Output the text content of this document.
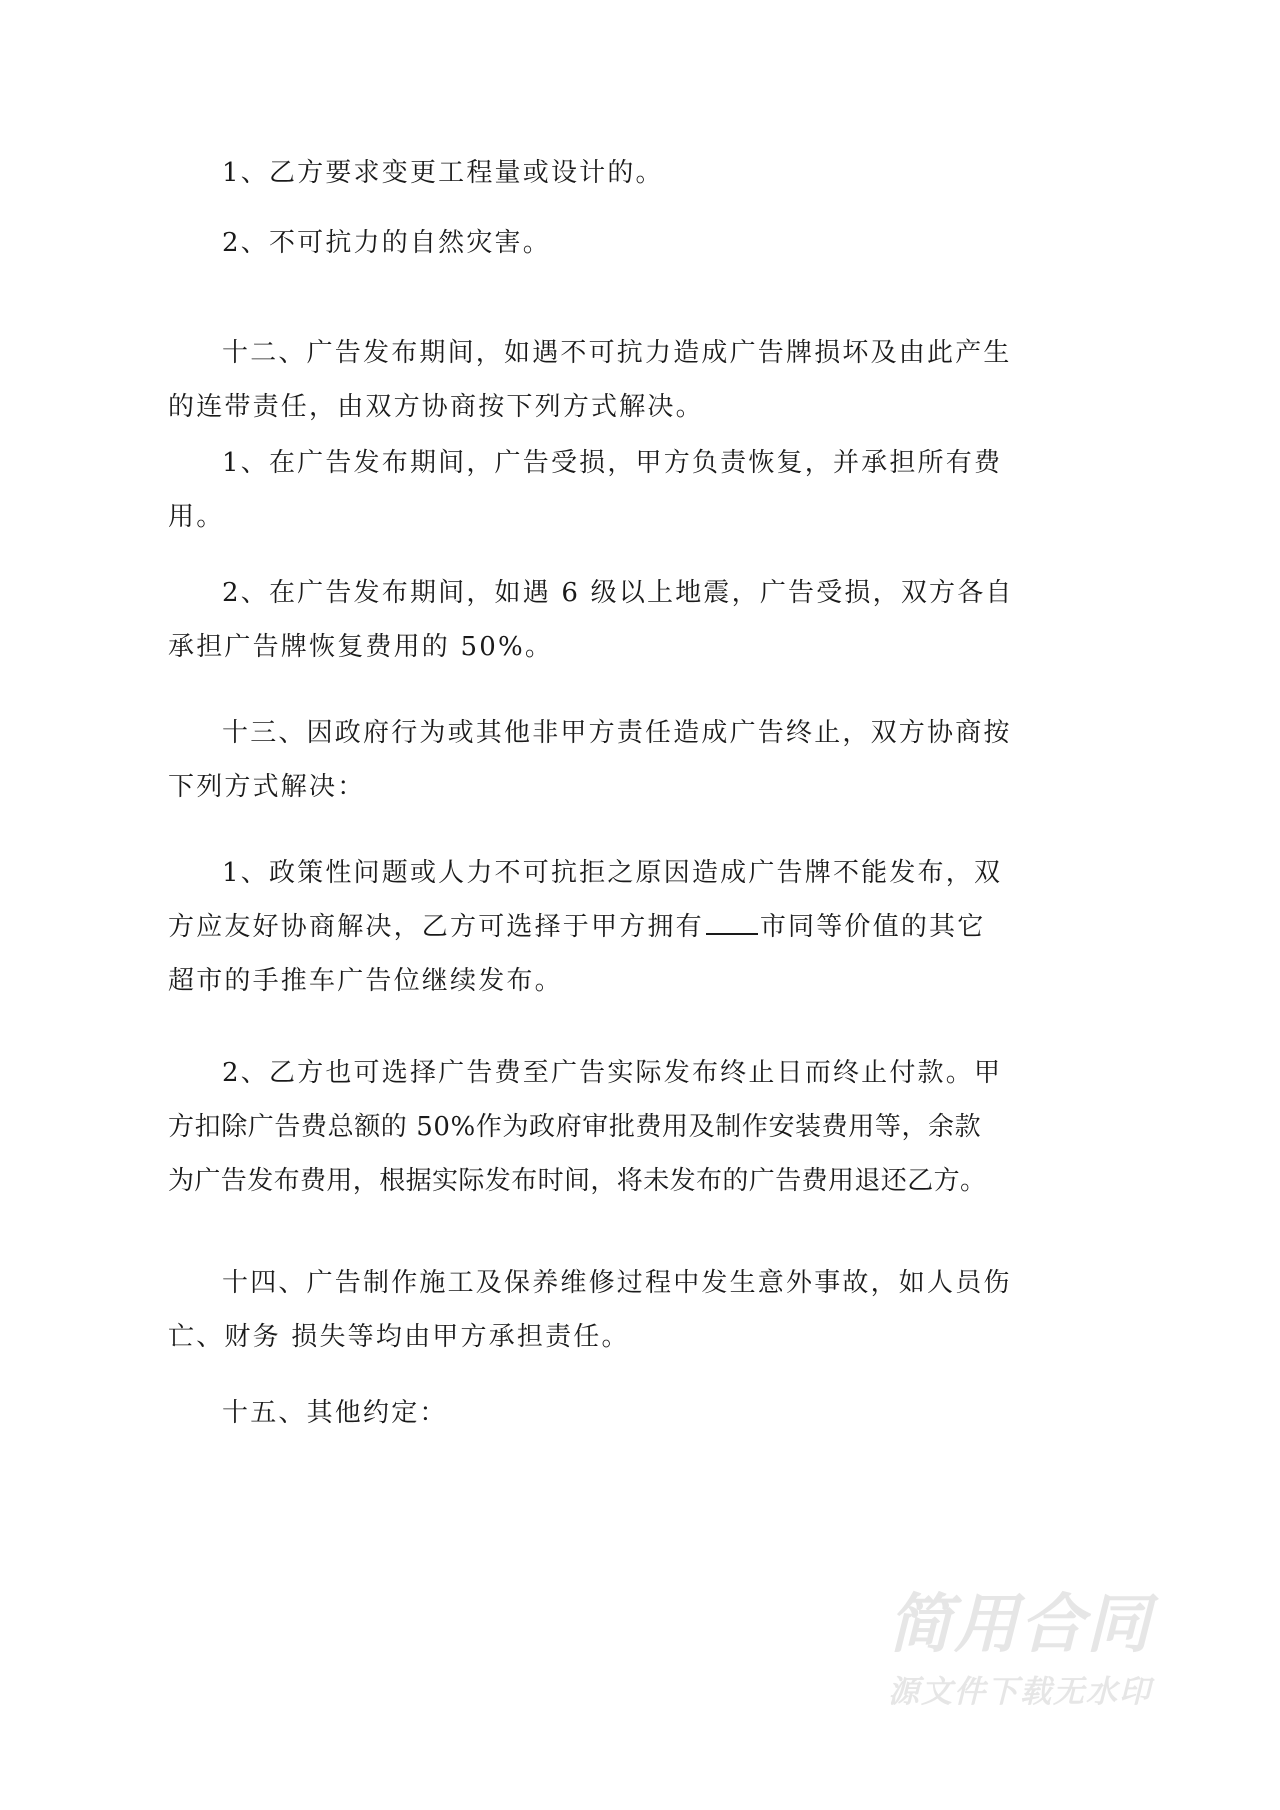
1、乙方要求变更工程量或设计的。

2、不可抗力的自然灾害。

十二、广告发布期间，如遇不可抗力造成广告牌损坏及由此产生
的连带责任，由双方协商按下列方式解决。

1、在广告发布期间，广告受损，甲方负责恢复，并承担所有费
用。

2、在广告发布期间，如遇 6 级以上地震，广告受损，双方各自
承担广告牌恢复费用的 50%。

十三、因政府行为或其他非甲方责任造成广告终止，双方协商按
下列方式解决：

1、政策性问题或人力不可抗拒之原因造成广告牌不能发布，双
方应友好协商解决，乙方可选择于甲方拥有 市同等价值的其它
超市的手推车广告位继续发布。

2、乙方也可选择广告费至广告实际发布终止日而终止付款。甲
方扣除广告费总额的 50%作为政府审批费用及制作安装费用等，余款
为广告发布费用，根据实际发布时间，将未发布的广告费用退还乙方。

十四、广告制作施工及保养维修过程中发生意外事故，如人员伤
亡、财务 损失等均由甲方承担责任。

十五、其他约定：

简用合同
源文件下载无水印
